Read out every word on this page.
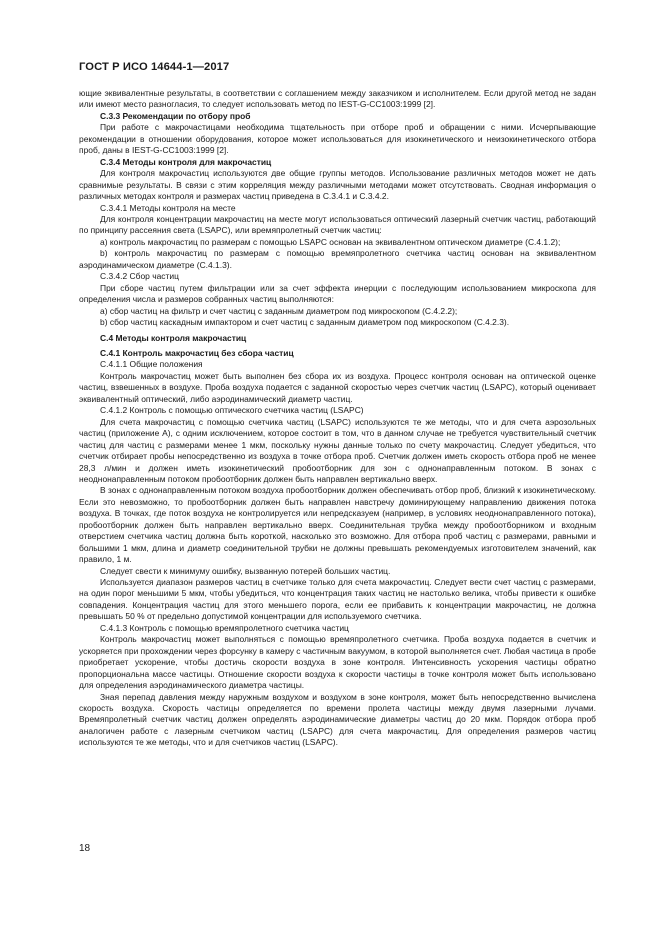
ГОСТ Р ИСО 14644-1—2017

ющие эквивалентные результаты, в соответствии с соглашением между заказчиком и исполнителем. Если другой метод не задан или имеют место разногласия, то следует использовать метод по IEST-G-CC1003:1999 [2].

С.3.3 Рекомендации по отбору проб

При работе с макрочастицами необходима тщательность при отборе проб и обращении с ними. Исчерпывающие рекомендации в отношении оборудования, которое может использоваться для изокинетического и неизокинетического отбора проб, даны в IEST-G-CC1003:1999 [2].

С.3.4 Методы контроля для макрочастиц

Для контроля макрочастиц используются две общие группы методов. Использование различных методов может не дать сравнимые результаты. В связи с этим корреляция между различными методами может отсутствовать. Сводная информация о различных методах контроля и размерах частиц приведена в С.3.4.1 и С.3.4.2.

С.3.4.1 Методы контроля на месте

Для контроля концентрации макрочастиц на месте могут использоваться оптический лазерный счетчик частиц, работающий по принципу рассеяния света (LSAPC), или времяпролетный счетчик частиц:

a) контроль макрочастиц по размерам с помощью LSAPC основан на эквивалентном оптическом диаметре (С.4.1.2);

b) контроль макрочастиц по размерам с помощью времяпролетного счетчика частиц основан на эквивалентном аэродинамическом диаметре (С.4.1.3).

С.3.4.2 Сбор частиц

При сборе частиц путем фильтрации или за счет эффекта инерции с последующим использованием микроскопа для определения числа и размеров собранных частиц выполняются:

a) сбор частиц на фильтр и счет частиц с заданным диаметром под микроскопом (С.4.2.2);

b) сбор частиц каскадным импактором и счет частиц с заданным диаметром под микроскопом (С.4.2.3).

С.4 Методы контроля макрочастиц

С.4.1 Контроль макрочастиц без сбора частиц

С.4.1.1 Общие положения

Контроль макрочастиц может быть выполнен без сбора их из воздуха. Процесс контроля основан на оптической оценке частиц, взвешенных в воздухе. Проба воздуха подается с заданной скоростью через счетчик частиц (LSAPC), который оценивает эквивалентный оптический, либо аэродинамический диаметр частиц.

С.4.1.2 Контроль с помощью оптического счетчика частиц (LSAPC)

Для счета макрочастиц с помощью счетчика частиц (LSAPC) используются те же методы, что и для счета аэрозольных частиц (приложение А), с одним исключением, которое состоит в том, что в данном случае не требуется чувствительный счетчик частиц для частиц с размерами менее 1 мкм, поскольку нужны данные только по счету макрочастиц. Следует убедиться, что счетчик отбирает пробы непосредственно из воздуха в точке отбора проб. Счетчик должен иметь скорость отбора проб не менее 28,3 л/мин и должен иметь изокинетический пробоотборник для зон с однонаправленным потоком. В зонах с неоднонаправленным потоком пробоотборник должен быть направлен вертикально вверх.

В зонах с однонаправленным потоком воздуха пробоотборник должен обеспечивать отбор проб, близкий к изокинетическому. Если это невозможно, то пробоотборник должен быть направлен навстречу доминирующему направлению движения потока воздуха. В точках, где поток воздуха не контролируется или непредсказуем (например, в условиях неоднонаправленного потока), пробоотборник должен быть направлен вертикально вверх. Соединительная трубка между пробоотборником и входным отверстием счетчика частиц должна быть короткой, насколько это возможно. Для отбора проб частиц с размерами, равными и большими 1 мкм, длина и диаметр соединительной трубки не должны превышать рекомендуемых изготовителем значений, как правило, 1 м.

Следует свести к минимуму ошибку, вызванную потерей больших частиц.

Используется диапазон размеров частиц в счетчике только для счета макрочастиц. Следует вести счет частиц с размерами, на один порог меньшими 5 мкм, чтобы убедиться, что концентрация таких частиц не настолько велика, чтобы привести к ошибке совпадения. Концентрация частиц для этого меньшего порога, если ее прибавить к концентрации макрочастиц, не должна превышать 50 % от предельно допустимой концентрации для используемого счетчика.

С.4.1.3 Контроль с помощью времяпролетного счетчика частиц

Контроль макрочастиц может выполняться с помощью времяпролетного счетчика. Проба воздуха подается в счетчик и ускоряется при прохождении через форсунку в камеру с частичным вакуумом, в которой выполняется счет. Любая частица в пробе приобретает ускорение, чтобы достичь скорости воздуха в зоне контроля. Интенсивность ускорения частицы обратно пропорциональна массе частицы. Отношение скорости воздуха к скорости частицы в точке контроля может быть использовано для определения аэродинамического диаметра частицы.

Зная перепад давления между наружным воздухом и воздухом в зоне контроля, может быть непосредственно вычислена скорость воздуха. Скорость частицы определяется по времени пролета частицы между двумя лазерными лучами. Времяпролетный счетчик частиц должен определять аэродинамические диаметры частиц до 20 мкм. Порядок отбора проб аналогичен работе с лазерным счетчиком частиц (LSAPC) для счета макрочастиц. Для определения размеров частиц используются те же методы, что и для счетчиков частиц (LSAPC).

18
